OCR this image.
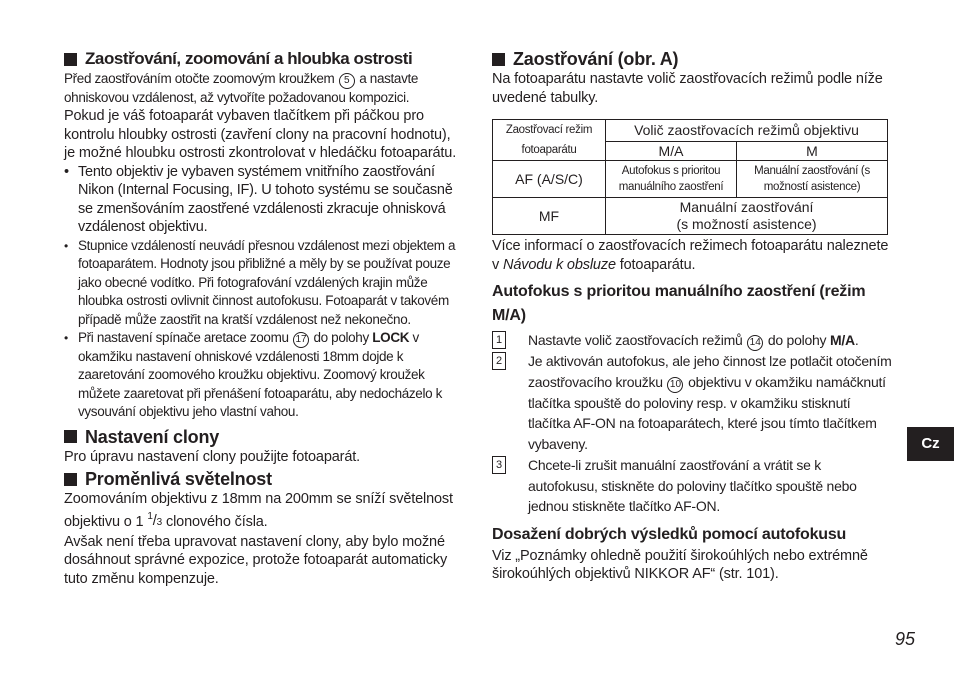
Zaostřování, zoomování a hloubka ostrosti
Před zaostřováním otočte zoomovým kroužkem 5 a nastavte ohniskovou vzdálenost, až vytvoříte požadovanou kompozici.
Pokud je váš fotoaparát vybaven tlačítkem při páčkou pro kontrolu hloubky ostrosti (zavření clony na pracovní hodnotu), je možné hloubku ostrosti zkontrolovat v hledáčku fotoaparátu.
• Tento objektiv je vybaven systémem vnitřního zaostřování Nikon (Internal Focusing, IF). U tohoto systému se současně se zmenšováním zaostřené vzdálenosti zkracuje ohnisková vzdálenost objektivu.
• Stupnice vzdáleností neuvádí přesnou vzdálenost mezi objektem a fotoaparátem. Hodnoty jsou přibližné a měly by se používat pouze jako obecné vodítko. Při fotografování vzdálených krajin může hloubka ostrosti ovlivnit činnost autofokusu. Fotoaparát v takovém případě může zaostřit na kratší vzdálenost než nekonečno.
• Při nastavení spínače aretace zoomu 17 do polohy LOCK v okamžiku nastavení ohniskové vzdálenosti 18mm dojde k zaaretování zoomového kroužku objektivu. Zoomový kroužek můžete zaaretovat při přenášení fotoaparátu, aby nedocházelo k vysouvání objektivu jeho vlastní vahou.
Nastavení clony
Pro úpravu nastavení clony použijte fotoaparát.
Proměnlivá světelnost
Zoomováním objektivu z 18mm na 200mm se sníží světelnost objektivu o 1 $^1$/3 clonového čísla.
Avšak není třeba upravovat nastavení clony, aby bylo možné dosáhnout správné expozice, protože fotoaparát automaticky tuto změnu kompenzuje.
Zaostřování (obr. A)
Na fotoaparátu nastavte volič zaostřovacích režimů podle níže uvedené tabulky.
Zaostřovací režim fotoaparátu	Volič zaostřovacích režimů objektivu	
	M/A	M
AF (A/S/C)	Autofokus s prioritou manuálního zaostření	Manuální zaostřování (s možností asistence)
MF	Manuální zaostřování (s možností asistence)	
Více informací o zaostřovacích režimech fotoaparátu naleznete v Návodu k obsluze fotoaparátu.
Autofokus s prioritou manuálního zaostření (režim M/A)
1 Nastavte volič zaostřovacích režimů 14 do polohy M/A.
2 Je aktivován autofokus, ale jeho činnost lze potlačit otočením zaostřovacího kroužku 10 objektivu v okamžiku namáčknutí tlačítka spouště do poloviny resp. v okamžiku stisknutí tlačítka AF-ON na fotoaparátech, které jsou tímto tlačítkem vybaveny.
3 Chcete-li zrušit manuální zaostřování a vrátit se k autofokusu, stiskněte do poloviny tlačítko spouště nebo jednou stiskněte tlačítko AF-ON.
Dosažení dobrých výsledků pomocí autofokusu
Viz „Poznámky ohledně použití širokoúhlých nebo extrémně širokoúhlých objektivů NIKKOR AF“ (str. 101).
Cz
95
